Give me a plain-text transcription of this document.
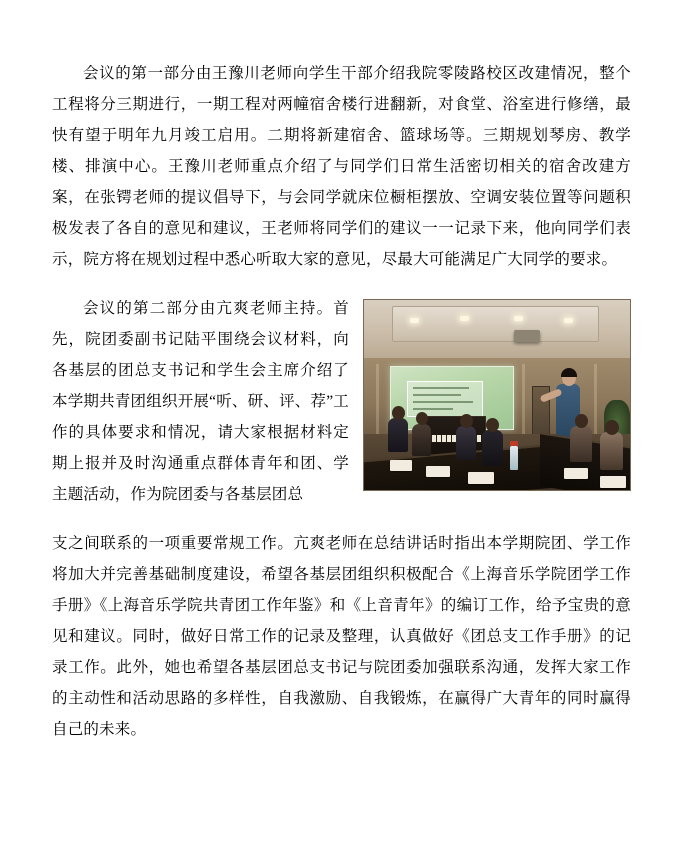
会议的第一部分由王豫川老师向学生干部介绍我院零陵路校区改建情况，整个工程将分三期进行，一期工程对两幢宿舍楼行进翻新，对食堂、浴室进行修缮，最快有望于明年九月竣工启用。二期将新建宿舍、篮球场等。三期规划琴房、教学楼、排演中心。王豫川老师重点介绍了与同学们日常生活密切相关的宿舍改建方案，在张锷老师的提议倡导下，与会同学就床位橱柜摆放、空调安装位置等问题积极发表了各自的意见和建议，王老师将同学们的建议一一记录下来，他向同学们表示，院方将在规划过程中悉心听取大家的意见，尽最大可能满足广大同学的要求。

会议的第二部分由亢爽老师主持。首先，院团委副书记陆平围绕会议材料，向各基层的团总支书记和学生会主席介绍了本学期共青团组织开展“听、研、评、荐”工作的具体要求和情况，请大家根据材料定期上报并及时沟通重点群体青年和团、学主题活动，作为院团委与各基层团总

支之间联系的一项重要常规工作。亢爽老师在总结讲话时指出本学期院团、学工作将加大并完善基础制度建设，希望各基层团组织积极配合《上海音乐学院团学工作手册》《上海音乐学院共青团工作年鉴》和《上音青年》的编订工作，给予宝贵的意见和建议。同时，做好日常工作的记录及整理，认真做好《团总支工作手册》的记录工作。此外，她也希望各基层团总支书记与院团委加强联系沟通，发挥大家工作的主动性和活动思路的多样性，自我激励、自我锻炼，在赢得广大青年的同时赢得自己的未来。
